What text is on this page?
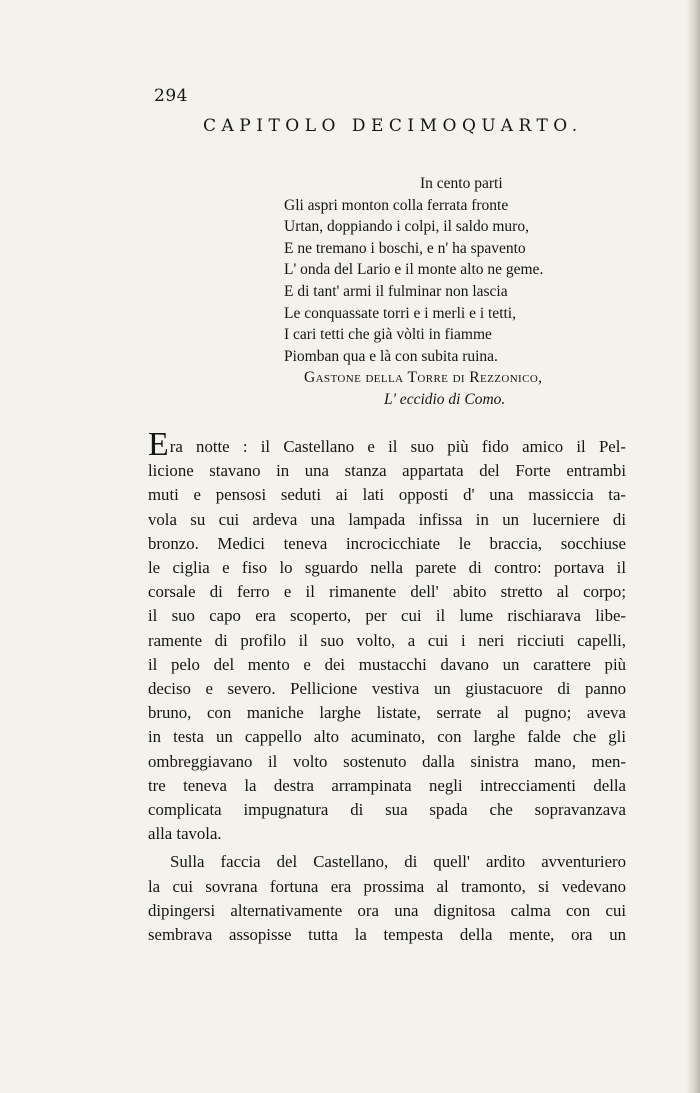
294
CAPITOLO DECIMOQUARTO.
In cento parti
Gli aspri monton colla ferrata fronte
Urtan, doppiando i colpi, il saldo muro,
E ne tremano i boschi, e n' ha spavento
L' onda del Lario e il monte alto ne geme.
E di tant' armi il fulminar non lascia
Le conquassate torri e i merli e i tetti,
I cari tetti che già vòlti in fiamme
Piomban qua e là con subita ruina.
Gastone della Torre di Rezzonico,
L' eccidio di Como.
Era notte : il Castellano e il suo più fido amico il Pel-
licione stavano in una stanza appartata del Forte entrambi
muti e pensosi seduti ai lati opposti d' una massiccia ta-
vola su cui ardeva una lampada infissa in un lucerniere di
bronzo. Medici teneva incrocicchiate le braccia, socchiuse
le ciglia e fiso lo sguardo nella parete di contro: portava il
corsale di ferro e il rimanente dell' abito stretto al corpo;
il suo capo era scoperto, per cui il lume rischiarava libe-
ramente di profilo il suo volto, a cui i neri ricciuti capelli,
il pelo del mento e dei mustacchi davano un carattere più
deciso e severo. Pellicione vestiva un giustacuore di panno
bruno, con maniche larghe listate, serrate al pugno; aveva
in testa un cappello alto acuminato, con larghe falde che gli
ombreggiavano il volto sostenuto dalla sinistra mano, men-
tre teneva la destra arrampinata negli intrecciamenti della
complicata impugnatura di sua spada che sopravanzava
alla tavola.
Sulla faccia del Castellano, di quell' ardito avventuriero
la cui sovrana fortuna era prossima al tramonto, si vedevano
dipingersi alternativamente ora una dignitosa calma con cui
sembrava assopisse tutta la tempesta della mente, ora un
